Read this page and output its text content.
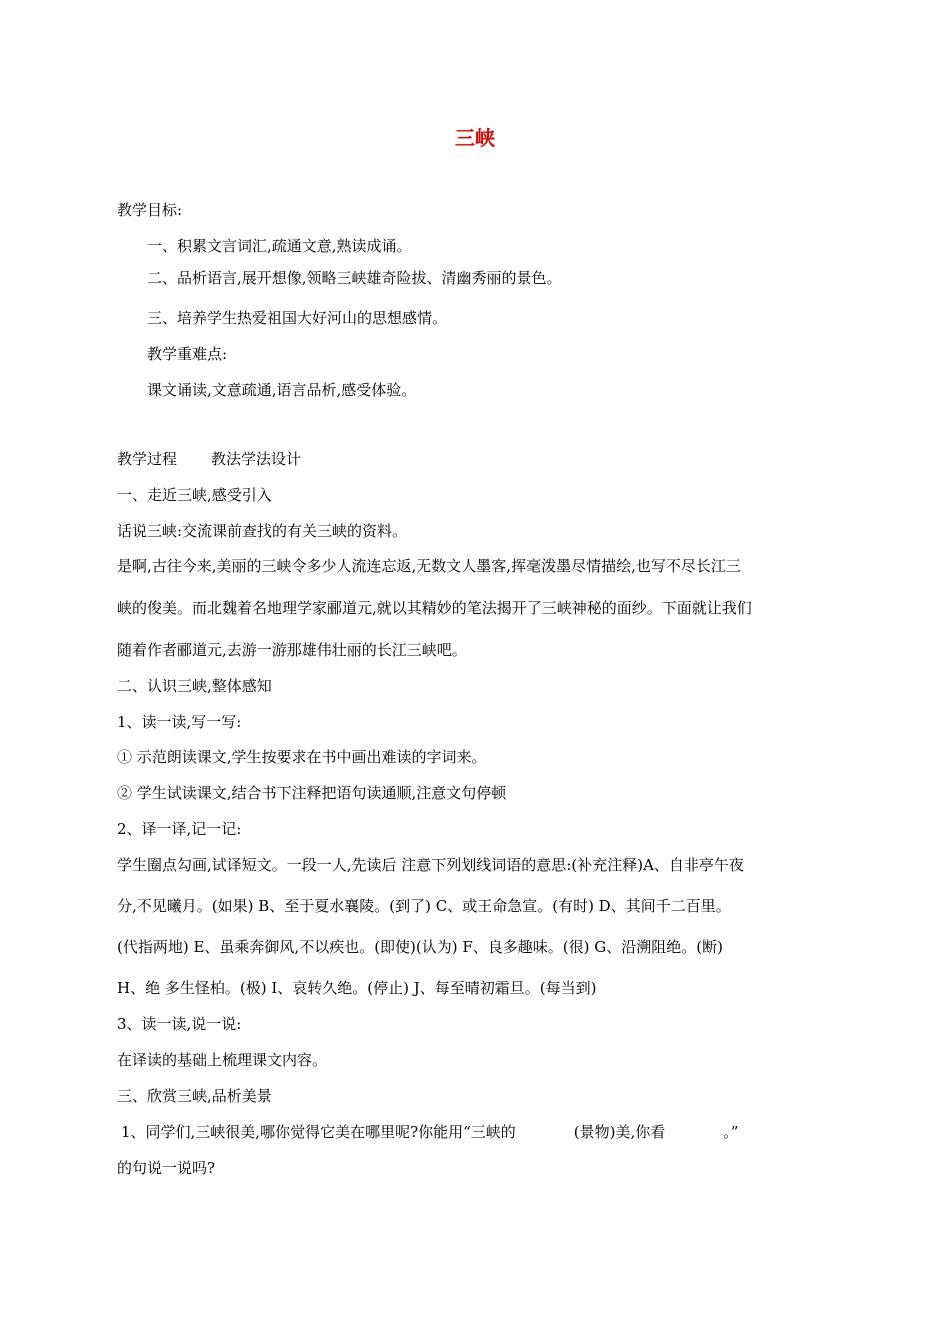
三峡
教学目标:
一、积累文言词汇,疏通文意,熟读成诵。
二、品析语言,展开想像,领略三峡雄奇险拔、清幽秀丽的景色。
三、培养学生热爱祖国大好河山的思想感情。
教学重难点:
课文诵读,文意疏通,语言品析,感受体验。
教学过程 教法学法设计
一、走近三峡,感受引入
话说三峡:交流课前查找的有关三峡的资料。
是啊,古往今来,美丽的三峡令多少人流连忘返,无数文人墨客,挥毫泼墨尽情描绘,也写不尽长江三
峡的俊美。而北魏着名地理学家郦道元,就以其精妙的笔法揭开了三峡神秘的面纱。下面就让我们
随着作者郦道元,去游一游那雄伟壮丽的长江三峡吧。
二、认识三峡,整体感知
1、读一读,写一写:
① 示范朗读课文,学生按要求在书中画出难读的字词来。
② 学生试读课文,结合书下注释把语句读通顺,注意文句停顿
2、译一译,记一记:
学生圈点勾画,试译短文。一段一人,先读后 注意下列划线词语的意思:(补充注释)A、自非亭午夜
分,不见曦月。(如果) B、至于夏水襄陵。(到了) C、或王命急宣。(有时) D、其间千二百里。
(代指两地) E、虽乘奔御风,不以疾也。(即使)(认为) F、良多趣味。(很) G、沿溯阻绝。(断)
H、绝 多生怪柏。(极) I、哀转久绝。(停止) J、每至晴初霜旦。(每当到)
3、读一读,说一说:
在译读的基础上梳理课文内容。
三、欣赏三峡,品析美景
1、同学们,三峡很美,哪你觉得它美在哪里呢?你能用“三峡的	(景物)美,你看	。”
的句说一说吗?
